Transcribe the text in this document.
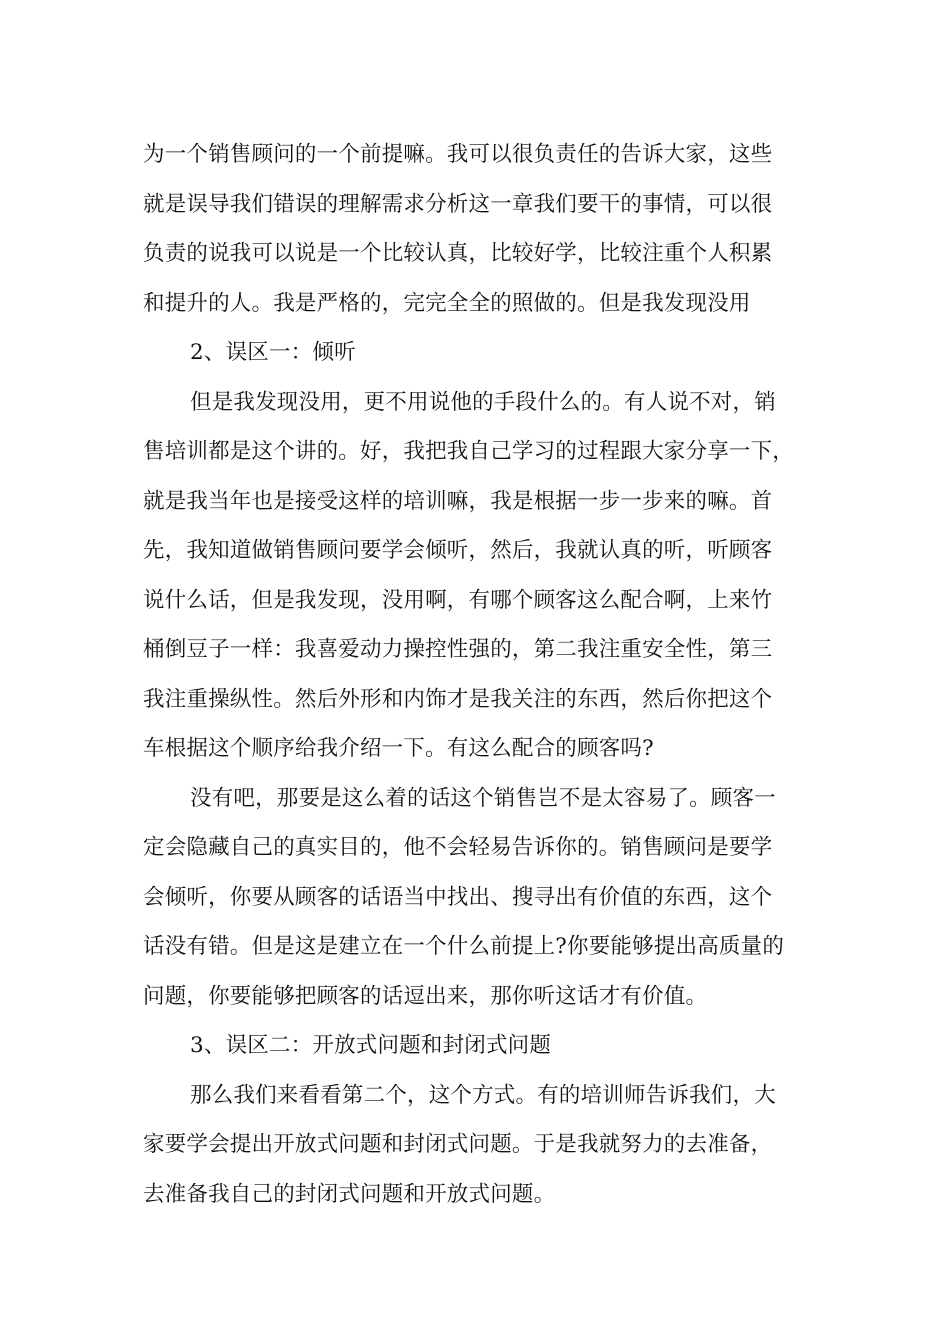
为一个销售顾问的一个前提嘛。我可以很负责任的告诉大家，这些
就是误导我们错误的理解需求分析这一章我们要干的事情，可以很
负责的说我可以说是一个比较认真，比较好学，比较注重个人积累
和提升的人。我是严格的，完完全全的照做的。但是我发现没用
2、误区一：倾听
但是我发现没用，更不用说他的手段什么的。有人说不对，销
售培训都是这个讲的。好，我把我自己学习的过程跟大家分享一下，
就是我当年也是接受这样的培训嘛，我是根据一步一步来的嘛。首
先，我知道做销售顾问要学会倾听，然后，我就认真的听，听顾客
说什么话，但是我发现，没用啊，有哪个顾客这么配合啊，上来竹
桶倒豆子一样：我喜爱动力操控性强的，第二我注重安全性，第三
我注重操纵性。然后外形和内饰才是我关注的东西，然后你把这个
车根据这个顺序给我介绍一下。有这么配合的顾客吗?
没有吧，那要是这么着的话这个销售岂不是太容易了。顾客一
定会隐藏自己的真实目的，他不会轻易告诉你的。销售顾问是要学
会倾听，你要从顾客的话语当中找出、搜寻出有价值的东西，这个
话没有错。但是这是建立在一个什么前提上?你要能够提出高质量的
问题，你要能够把顾客的话逗出来，那你听这话才有价值。
3、误区二：开放式问题和封闭式问题
那么我们来看看第二个，这个方式。有的培训师告诉我们，大
家要学会提出开放式问题和封闭式问题。于是我就努力的去准备，
去准备我自己的封闭式问题和开放式问题。
